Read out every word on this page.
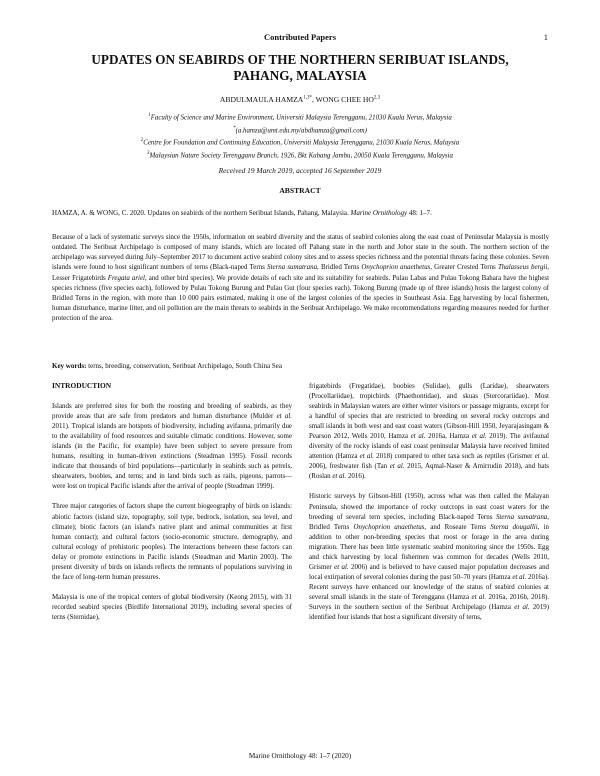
Contributed Papers	1
UPDATES ON SEABIRDS OF THE NORTHERN SERIBUAT ISLANDS,
PAHANG, MALAYSIA
ABDULMAULA $HAMZA^{1,3*}$, WONG CHEE HO$^{2,3}$
$^1$Faculty of Science and Marine Environment, Universiti Malaysia Terengganu, 21030 Kuala Nerus, Malaysia
*(a.hamza@umt.edu.my/abdhamza@gmail.com)
$^2$Centre for Foundation and Continuing Education, Universiti Malaysia Terengganu, 21030 Kuala Nerus, Malaysia
$^3$Malaysian Nature Society Terengganu Branch, 1926, Bkt Kubang Jambu, 20050 Kuala Terengganu, Malaysia
Received 19 March 2019, accepted 16 September 2019
ABSTRACT
HAMZA, A. & WONG, C. 2020. Updates on seabirds of the northern Seribuat Islands, Pahang, Malaysia. Marine Ornithology 48: 1–7.
Because of a lack of systematic surveys since the 1950s, information on seabird diversity and the status of seabird colonies along the east coast of Peninsular Malaysia is mostly outdated. The Seribuat Archipelago is composed of many islands, which are located off Pahang state in the north and Johor state in the south. The northern section of the archipelago was surveyed during July–September 2017 to document active seabird colony sites and to assess species richness and the potential threats facing these colonies. Seven islands were found to host significant numbers of terns (Black-naped Terns Sterna sumatrana, Bridled Terns Onychoprion anaethetus, Greater Crested Terns Thalasseus bergii, Lesser Frigatebirds Fregata ariel, and other bird species). We provide details of each site and its suitability for seabirds. Pulau Labas and Pulau Tokong Bahara have the highest species richness (five species each), followed by Pulau Tokong Burung and Pulau Gut (four species each). Tokong Burung (made up of three islands) hosts the largest colony of Bridled Terns in the region, with more than 10 000 pairs estimated, making it one of the largest colonies of the species in Southeast Asia. Egg harvesting by local fishermen, human disturbance, marine litter, and oil pollution are the main threats to seabirds in the Seribuat Archipelago. We make recommendations regarding measures needed for further protection of the area.
Key words: terns, breeding, conservation, Seribuat Archipelago, South China Sea
INTRODUCTION

Islands are preferred sites for both the roosting and breeding of seabirds, as they provide areas that are safe from predators and human disturbance (Mulder et al. 2011). Tropical islands are hotspots of biodiversity, including avifauna, primarily due to the availability of food resources and suitable climatic conditions. However, some islands (in the Pacific, for example) have been subject to severe pressure from humans, resulting in human-driven extinctions (Steadman 1995). Fossil records indicate that thousands of bird populations—particularly in seabirds such as petrels, shearwaters, boobies, and terns; and in land birds such as rails, pigeons, parrots—were lost on tropical Pacific islands after the arrival of people (Steadman 1999).

Three major categories of factors shape the current biogeography of birds on islands: abiotic factors (island size, topography, soil type, bedrock, isolation, sea level, and climate); biotic factors (an island's native plant and animal communities at first human contact); and cultural factors (socio-economic structure, demography, and cultural ecology of prehistoric peoples). The interactions between these factors can delay or promote extinctions in Pacific islands (Steadman and Martin 2003). The present diversity of birds on islands reflects the remnants of populations surviving in the face of long-term human pressures.

Malaysia is one of the tropical centers of global biodiversity (Keong 2015), with 31 recorded seabird species (Birdlife International 2019), including several species of terns (Sternidae),

frigatebirds (Fregatidae), boobies (Sulidae), gulls (Laridae), shearwaters (Procellariidae), tropicbirds (Phaethontidae), and skuas (Stercorariidae). Most seabirds in Malaysian waters are either winter visitors or passage migrants, except for a handful of species that are restricted to breeding on several rocky outcrops and small islands in both west and east coast waters (Gibson-Hill 1950, Jeyarajasingam & Pearson 2012, Wells 2010, Hamza et al. 2016a, Hamza et al. 2019). The avifaunal diversity of the rocky islands of east coast peninsular Malaysia have received limited attention (Hamza et al. 2018) compared to other taxa such as reptiles (Grismer et al. 2006), freshwater fish (Tan et al. 2015, Aqmal-Naser & Amirrudin 2018), and bats (Roslan et al. 2016).

Historic surveys by Gibson-Hill (1950), across what was then called the Malayan Peninsula, showed the importance of rocky outcrops in east coast waters for the breeding of several tern species, including Black-naped Terns Sterna sumatrana, Bridled Terns Onychoprion anaethetus, and Roseate Terns Sterna dougallii, in addition to other non-breeding species that roost or forage in the area during migration. There has been little systematic seabird monitoring since the 1950s. Egg and chick harvesting by local fishermen was common for decades (Wells 2010, Grismer et al. 2006) and is believed to have caused major population decreases and local extirpation of several colonies during the past 50–70 years (Hamza et al. 2016a). Recent surveys have enhanced our knowledge of the status of seabird colonies at several small islands in the state of Terengganu (Hamza et al. 2016a, 2016b, 2018). Surveys in the southern section of the Seribuat Archipelago (Hamza et al. 2019) identified four islands that host a significant diversity of terns,

Marine Ornithology 48: 1–7 (2020)
